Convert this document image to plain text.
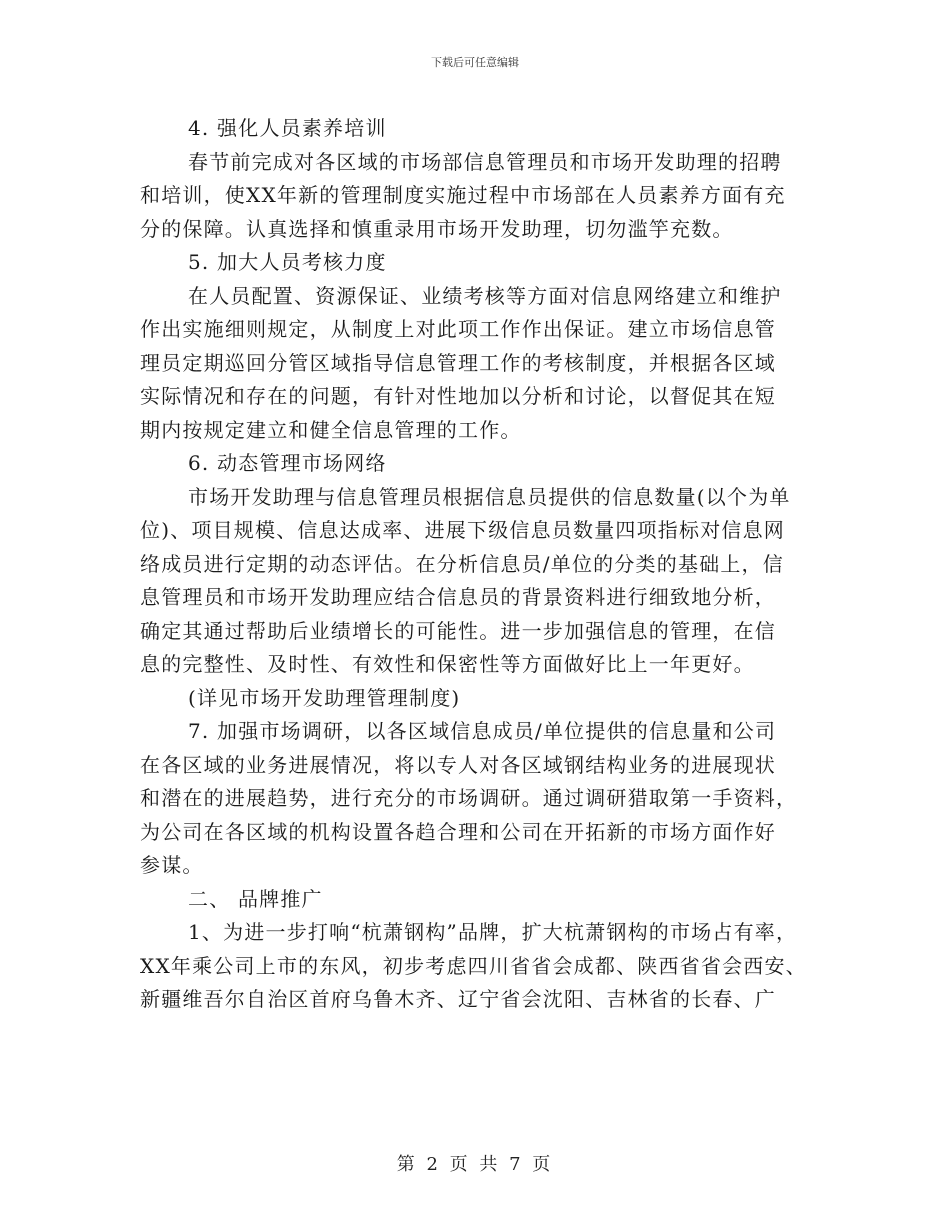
下载后可任意编辑
4. 强化人员素养培训
春节前完成对各区域的市场部信息管理员和市场开发助理的招聘
和培训，使XX年新的管理制度实施过程中市场部在人员素养方面有充
分的保障。认真选择和慎重录用市场开发助理，切勿滥竽充数。
5. 加大人员考核力度
在人员配置、资源保证、业绩考核等方面对信息网络建立和维护
作出实施细则规定，从制度上对此项工作作出保证。建立市场信息管
理员定期巡回分管区域指导信息管理工作的考核制度，并根据各区域
实际情况和存在的问题，有针对性地加以分析和讨论，以督促其在短
期内按规定建立和健全信息管理的工作。
6. 动态管理市场网络
市场开发助理与信息管理员根据信息员提供的信息数量(以个为单
位)、项目规模、信息达成率、进展下级信息员数量四项指标对信息网
络成员进行定期的动态评估。在分析信息员/单位的分类的基础上，信
息管理员和市场开发助理应结合信息员的背景资料进行细致地分析，
确定其通过帮助后业绩增长的可能性。进一步加强信息的管理，在信
息的完整性、及时性、有效性和保密性等方面做好比上一年更好。
(详见市场开发助理管理制度)
7. 加强市场调研，以各区域信息成员/单位提供的信息量和公司
在各区域的业务进展情况，将以专人对各区域钢结构业务的进展现状
和潜在的进展趋势，进行充分的市场调研。通过调研猎取第一手资料，
为公司在各区域的机构设置各趋合理和公司在开拓新的市场方面作好
参谋。
二、 品牌推广
1、为进一步打响“杭萧钢构”品牌，扩大杭萧钢构的市场占有率，
XX年乘公司上市的东风，初步考虑四川省省会成都、陕西省省会西安、
新疆维吾尔自治区首府乌鲁木齐、辽宁省会沈阳、吉林省的长春、广
第 2 页 共 7 页
